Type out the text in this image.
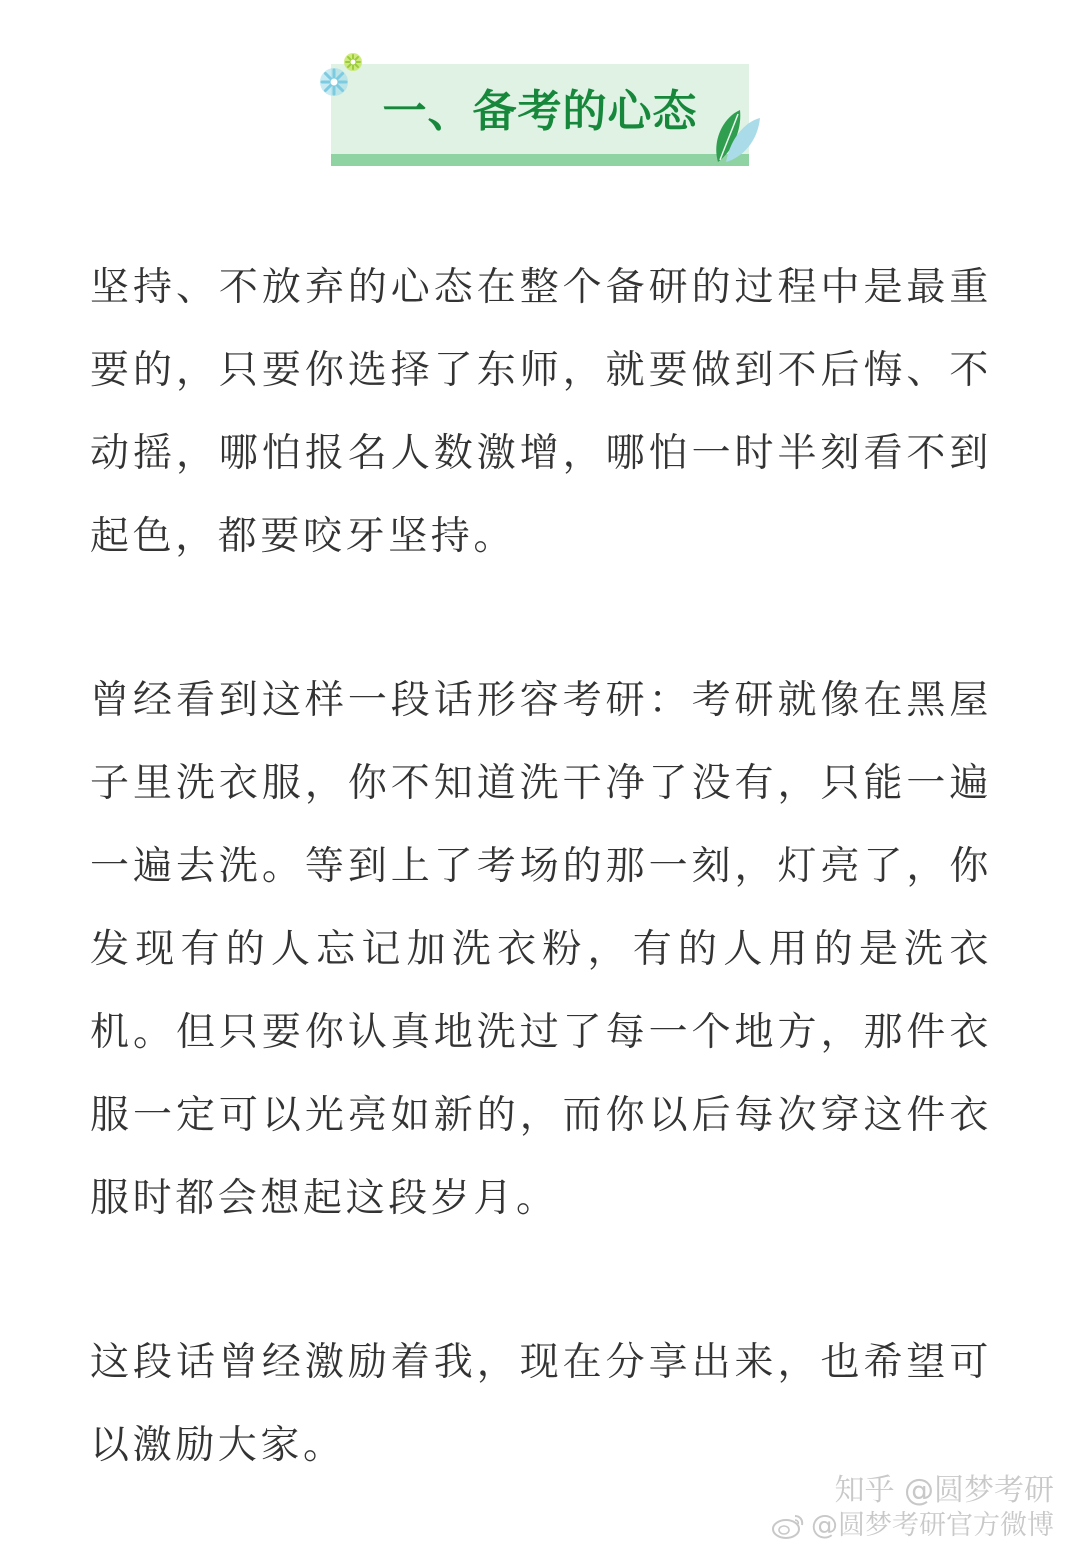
一、备考的心态

坚持、不放弃的心态在整个备研的过程中是最重要的，只要你选择了东师，就要做到不后悔、不动摇，哪怕报名人数激增，哪怕一时半刻看不到起色，都要咬牙坚持。

曾经看到这样一段话形容考研：考研就像在黑屋子里洗衣服，你不知道洗干净了没有，只能一遍一遍去洗。等到上了考场的那一刻，灯亮了，你发现有的人忘记加洗衣粉，有的人用的是洗衣机。但只要你认真地洗过了每一个地方，那件衣服一定可以光亮如新的，而你以后每次穿这件衣服时都会想起这段岁月。

这段话曾经激励着我，现在分享出来，也希望可以激励大家。

知乎 @圆梦考研
@圆梦考研官方微博
